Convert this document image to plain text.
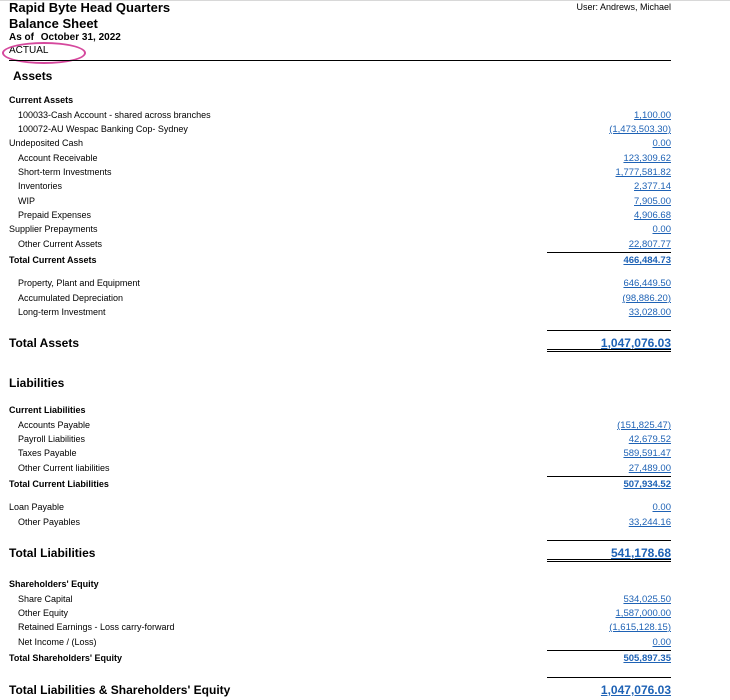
Rapid Byte Head Quarters
Balance Sheet
As of October 31, 2022
ACTUAL
User: Andrews, Michael
Assets
Current Assets
100033-Cash Account - shared across branches	1,100.00
100072-AU Wespac Banking Cop- Sydney	(1,473,503.30)
Undeposited Cash	0.00
Account Receivable	123,309.62
Short-term Investments	1,777,581.82
Inventories	2,377.14
WIP	7,905.00
Prepaid Expenses	4,906.68
Supplier Prepayments	0.00
Other Current Assets	22,807.77
Total Current Assets	466,484.73
Property, Plant and Equipment	646,449.50
Accumulated Depreciation	(98,886.20)
Long-term Investment	33,028.00
Total Assets	1,047,076.03
Liabilities
Current Liabilities
Accounts Payable	(151,825.47)
Payroll Liabilities	42,679.52
Taxes Payable	589,591.47
Other Current liabilities	27,489.00
Total Current Liabilities	507,934.52
Loan Payable	0.00
Other Payables	33,244.16
Total Liabilities	541,178.68
Shareholders' Equity
Share Capital	534,025.50
Other Equity	1,587,000.00
Retained Earnings - Loss carry-forward	(1,615,128.15)
Net Income / (Loss)	0.00
Total Shareholders' Equity	505,897.35
Total Liabilities & Shareholders' Equity	1,047,076.03
